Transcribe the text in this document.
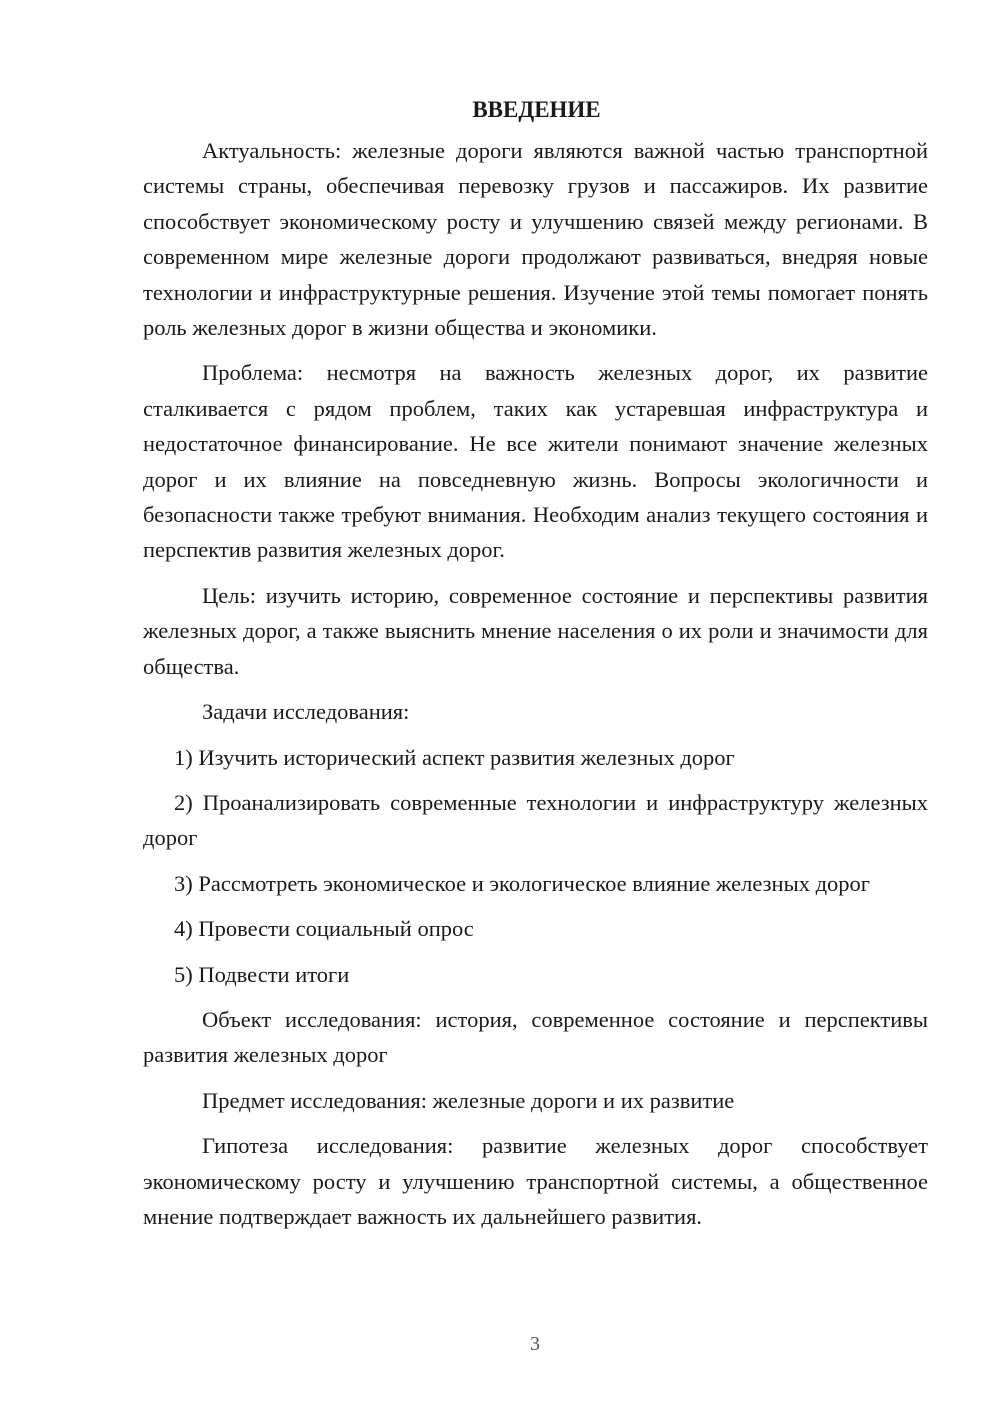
ВВЕДЕНИЕ

Актуальность: железные дороги являются важной частью транспортной системы страны, обеспечивая перевозку грузов и пассажиров. Их развитие способствует экономическому росту и улучшению связей между регионами. В современном мире железные дороги продолжают развиваться, внедряя новые технологии и инфраструктурные решения. Изучение этой темы помогает понять роль железных дорог в жизни общества и экономики.

Проблема: несмотря на важность железных дорог, их развитие сталкивается с рядом проблем, таких как устаревшая инфраструктура и недостаточное финансирование. Не все жители понимают значение железных дорог и их влияние на повседневную жизнь. Вопросы экологичности и безопасности также требуют внимания. Необходим анализ текущего состояния и перспектив развития железных дорог.

Цель: изучить историю, современное состояние и перспективы развития железных дорог, а также выяснить мнение населения о их роли и значимости для общества.

Задачи исследования:

1) Изучить исторический аспект развития железных дорог

2) Проанализировать современные технологии и инфраструктуру железных дорог

3) Рассмотреть экономическое и экологическое влияние железных дорог

4) Провести социальный опрос

5) Подвести итоги

Объект исследования: история, современное состояние и перспективы развития железных дорог

Предмет исследования: железные дороги и их развитие

Гипотеза исследования: развитие железных дорог способствует экономическому росту и улучшению транспортной системы, а общественное мнение подтверждает важность их дальнейшего развития.

3
